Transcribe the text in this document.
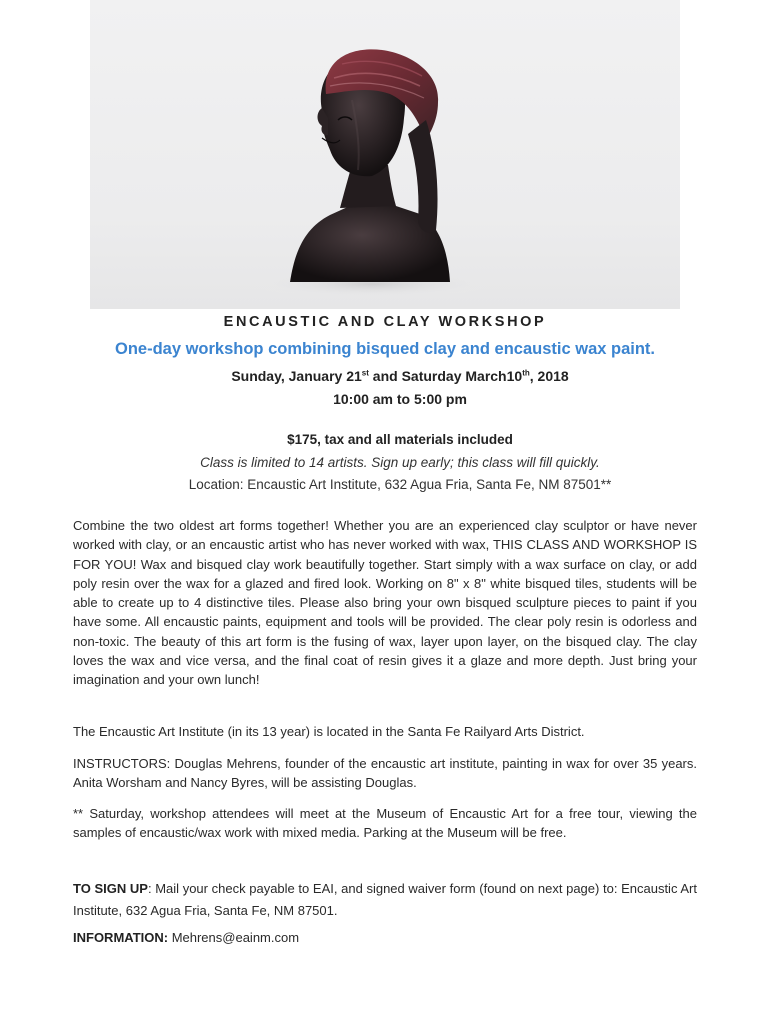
ENCAUSTIC AND CLAY WORKSHOP
One-day workshop combining bisqued clay and encaustic wax paint.
Sunday, January 21st and Saturday March10th, 2018
10:00 am to 5:00 pm
$175, tax and all materials included
Class is limited to 14 artists. Sign up early; this class will fill quickly.
Location: Encaustic Art Institute, 632 Agua Fria, Santa Fe, NM 87501**
Combine the two oldest art forms together! Whether you are an experienced clay sculptor or have never worked with clay, or an encaustic artist who has never worked with wax, THIS CLASS AND WORKSHOP IS FOR YOU! Wax and bisqued clay work beautifully together. Start simply with a wax surface on clay, or add poly resin over the wax for a glazed and fired look. Working on 8" x 8" white bisqued tiles, students will be able to create up to 4 distinctive tiles. Please also bring your own bisqued sculpture pieces to paint if you have some. All encaustic paints, equipment and tools will be provided. The clear poly resin is odorless and non-toxic. The beauty of this art form is the fusing of wax, layer upon layer, on the bisqued clay. The clay loves the wax and vice versa, and the final coat of resin gives it a glaze and more depth. Just bring your imagination and your own lunch!
The Encaustic Art Institute (in its 13 year) is located in the Santa Fe Railyard Arts District.
INSTRUCTORS: Douglas Mehrens, founder of the encaustic art institute, painting in wax for over 35 years. Anita Worsham and Nancy Byres, will be assisting Douglas.
** Saturday, workshop attendees will meet at the Museum of Encaustic Art for a free tour, viewing the samples of encaustic/wax work with mixed media. Parking at the Museum will be free.
TO SIGN UP: Mail your check payable to EAI, and signed waiver form (found on next page) to: Encaustic Art Institute, 632 Agua Fria, Santa Fe, NM 87501.
INFORMATION: Mehrens@eainm.com
